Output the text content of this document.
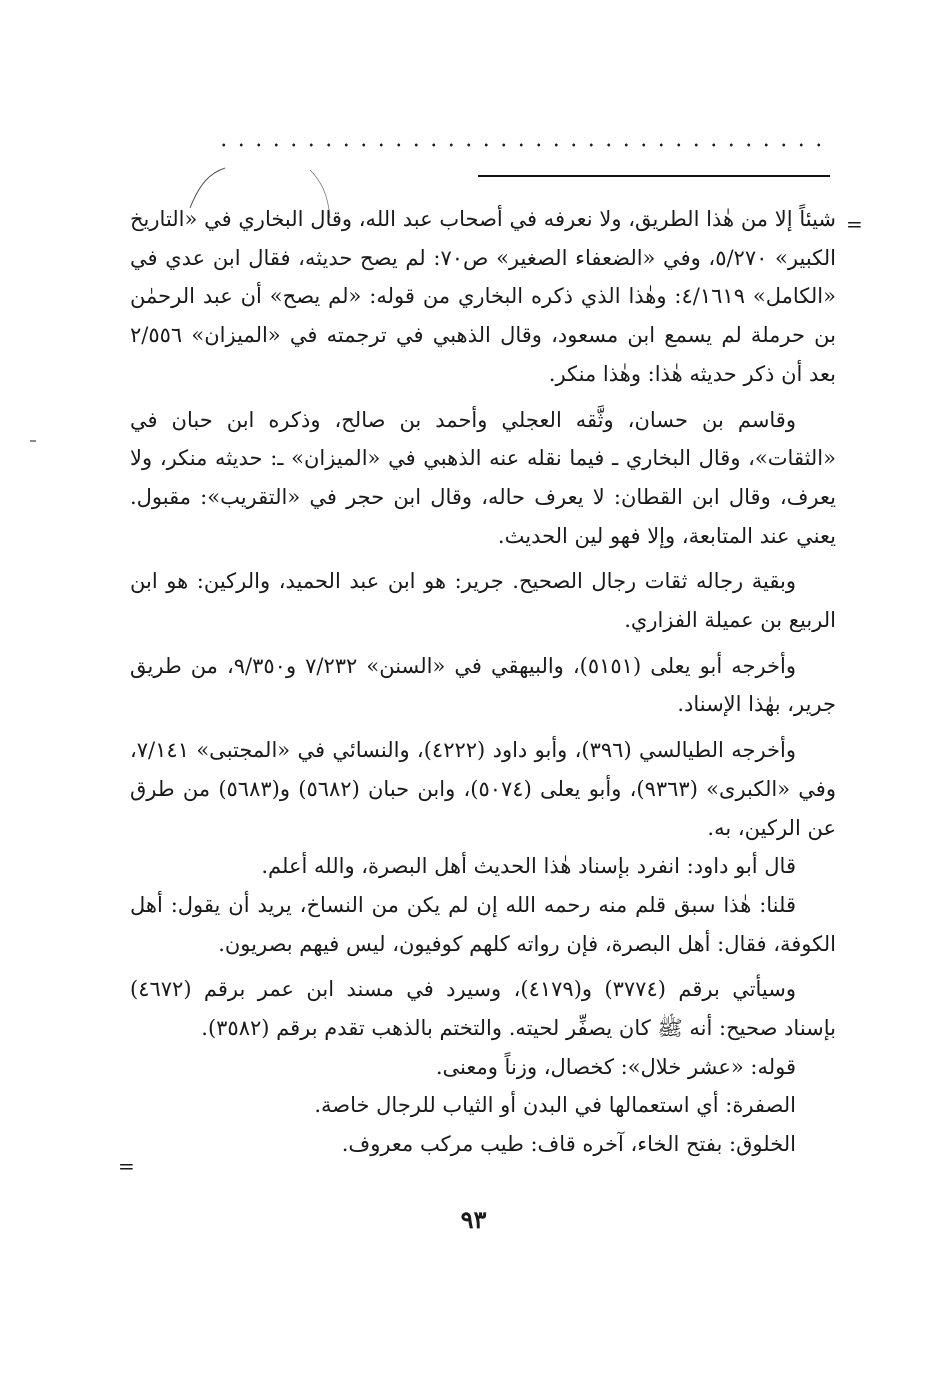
=

شيئاً إلا من هٰذا الطريق، ولا نعرفه في أصحاب عبد الله، وقال البخاري في «التاريخ الكبير» ٥/٢٧٠، وفي «الضعفاء الصغير» ص٧٠: لم يصح حديثه، فقال ابن عدي في «الكامل» ٤/١٦١٩: وهٰذا الذي ذكره البخاري من قوله: «لم يصح» أن عبد الرحمٰن بن حرملة لم يسمع ابن مسعود، وقال الذهبي في ترجمته في «الميزان» ٢/٥٥٦ بعد أن ذكر حديثه هٰذا: وهٰذا منكر.

وقاسم بن حسان، وثَّقه العجلي وأحمد بن صالح، وذكره ابن حبان في «الثقات»، وقال البخاري ـ فيما نقله عنه الذهبي في «الميزان» ـ: حديثه منكر، ولا يعرف، وقال ابن القطان: لا يعرف حاله، وقال ابن حجر في «التقريب»: مقبول. يعني عند المتابعة، وإلا فهو لين الحديث.

وبقية رجاله ثقات رجال الصحيح. جرير: هو ابن عبد الحميد، والركين: هو ابن الربيع بن عميلة الفزاري.

وأخرجه أبو يعلى (٥١٥١)، والبيهقي في «السنن» ٧/٢٣٢ و٩/٣٥٠، من طريق جرير، بهٰذا الإسناد.

وأخرجه الطيالسي (٣٩٦)، وأبو داود (٤٢٢٢)، والنسائي في «المجتبى» ٧/١٤١، وفي «الكبرى» (٩٣٦٣)، وأبو يعلى (٥٠٧٤)، وابن حبان (٥٦٨٢) و(٥٦٨٣) من طرق عن الركين، به.

قال أبو داود: انفرد بإسناد هٰذا الحديث أهل البصرة، والله أعلم.

قلنا: هٰذا سبق قلم منه رحمه الله إن لم يكن من النساخ، يريد أن يقول: أهل الكوفة، فقال: أهل البصرة، فإن رواته كلهم كوفيون، ليس فيهم بصريون.

وسيأتي برقم (٣٧٧٤) و(٤١٧٩)، وسيرد في مسند ابن عمر برقم (٤٦٧٢) بإسناد صحيح: أنه ﷺ كان يصفِّر لحيته. والتختم بالذهب تقدم برقم (٣٥٨٢).

قوله: «عشر خلال»: كخصال، وزناً ومعنى.

الصفرة: أي استعمالها في البدن أو الثياب للرجال خاصة.

الخلوق: بفتح الخاء، آخره قاف: طيب مركب معروف.

=
٩٣
